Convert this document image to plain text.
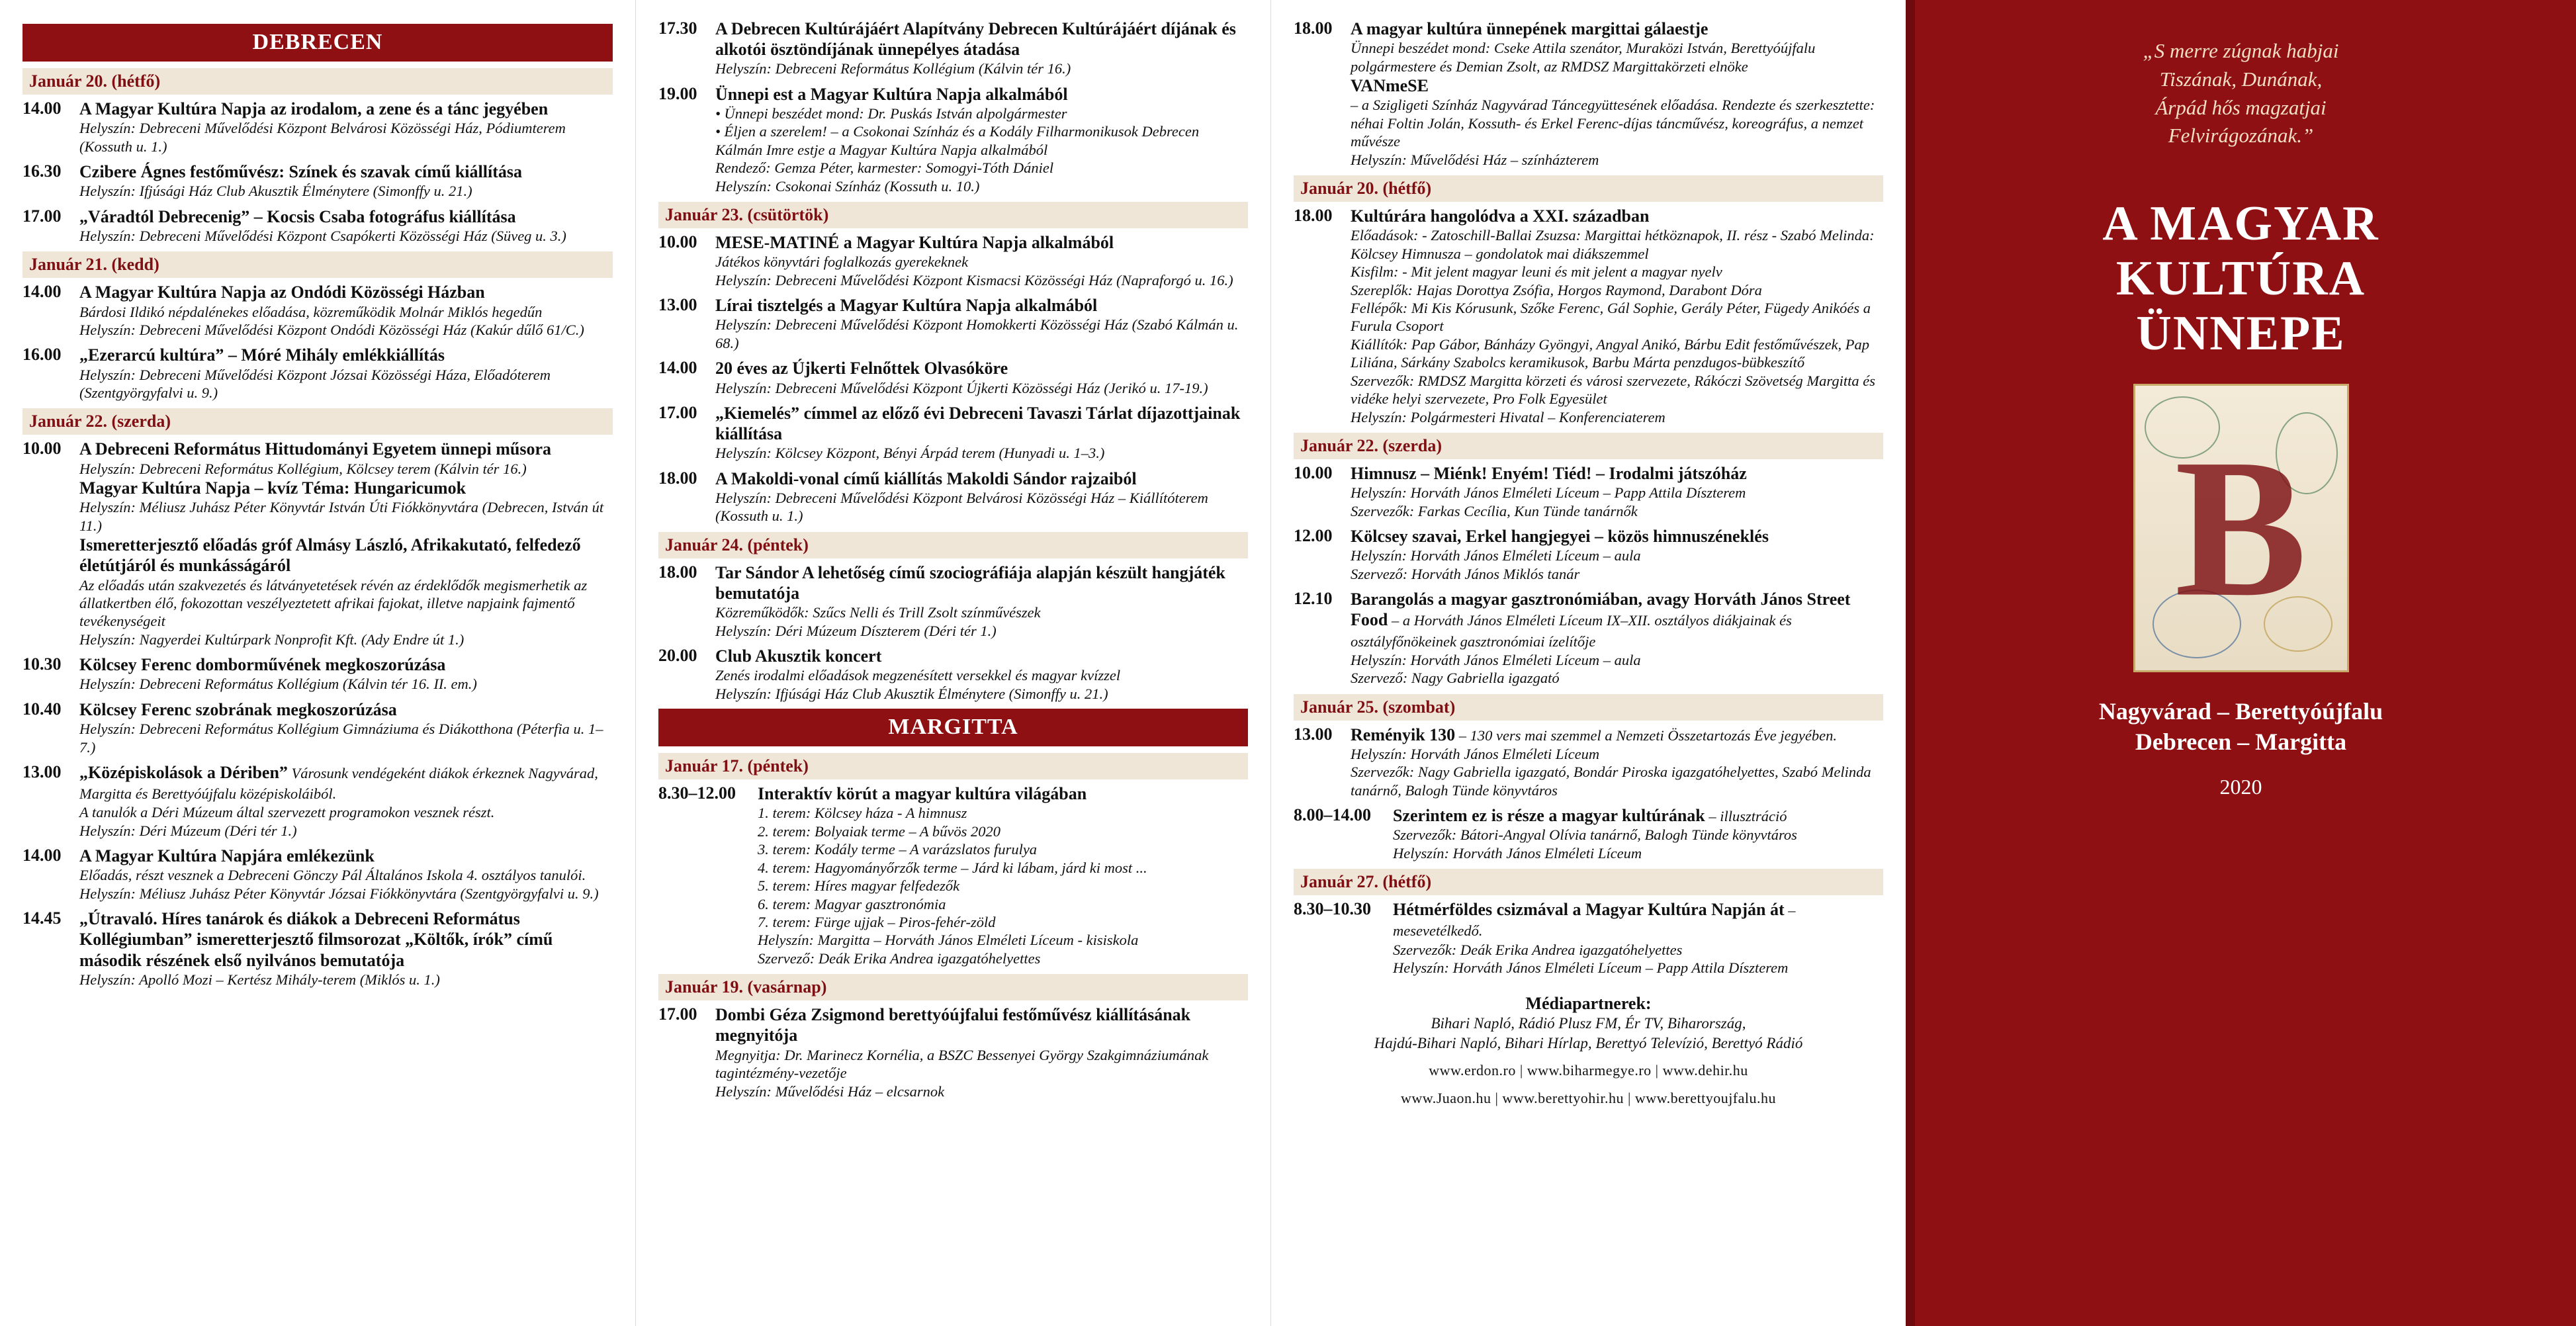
DEBRECEN
Január 20. (hétfő)
14.00	A Magyar Kultúra Napja az irodalom, a zene és a tánc jegyében
Helyszín: Debreceni Művelődési Központ Belvárosi Közösségi Ház, Pódiumterem (Kossuth u. 1.)
16.30	Czibere Ágnes festőművész: Színek és szavak című kiállítása
Helyszín: Ifjúsági Ház Club Akusztik Élménytere (Simonffy u. 21.)
17.00	„Váradtól Debrecenig” – Kocsis Csaba fotográfus kiállítása
Helyszín: Debreceni Művelődési Központ Csapókerti Közösségi Ház (Süveg u. 3.)
Január 21. (kedd)
14.00	A Magyar Kultúra Napja az Ondódi Közösségi Házban
Bárdosi Ildikó népdalénekes előadása, közreműködik Molnár Miklós hegedűn
Helyszín: Debreceni Művelődési Központ Ondódi Közösségi Ház (Kakúr dűlő 61/C.)
16.00	„Ezerarcú kultúra” – Móré Mihály emlékkiállítás
Helyszín: Debreceni Művelődési Központ Józsai Közösségi Háza, Előadóterem (Szentgyörgyfalvi u. 9.)
Január 22. (szerda)
10.00	A Debreceni Református Hittudományi Egyetem ünnepi műsora
Helyszín: Debreceni Református Kollégium, Kölcsey terem (Kálvin tér 16.)
Magyar Kultúra Napja – kvíz Téma: Hungaricumok
Helyszín: Méliusz Juhász Péter Könyvtár István Úti Fiókkönyvtára (Debrecen, István út 11.)
Ismeretterjesztő előadás gróf Almásy László, Afrikakutató, felfedező életútjáról és munkásságáról
Az előadás után szakvezetés és látványetetések révén az érdeklődők megismerhetik az állatkertben élő, fokozottan veszélyeztetett afrikai fajokat, illetve napjaink fajmentő tevékenységeit
Helyszín: Nagyerdei Kultúrpark Nonprofit Kft. (Ady Endre út 1.)
10.30	Kölcsey Ferenc domborművének megkoszorúzása
Helyszín: Debreceni Református Kollégium (Kálvin tér 16. II. em.)
10.40	Kölcsey Ferenc szobrának megkoszorúzása
Helyszín: Debreceni Református Kollégium Gimnáziuma és Diákotthona (Péterfia u. 1–7.)
13.00	„Középiskolások a Dériben” Városunk vendégeként diákok érkeznek Nagyvárad, Margitta és Berettyóújfalu középiskoláiból.
A tanulók a Déri Múzeum által szervezett programokon vesznek részt.
Helyszín: Déri Múzeum (Déri tér 1.)
14.00	A Magyar Kultúra Napjára emlékezünk
Előadás, részt vesznek a Debreceni Gönczy Pál Általános Iskola 4. osztályos tanulói. Helyszín: Méliusz Juhász Péter Könyvtár Józsai Fiókkönyvtára (Szentgyörgyfalvi u. 9.)
14.45	„Útravaló. Híres tanárok és diákok a Debreceni Református Kollégiumban” ismeretterjesztő filmsorozat „Költők, írók” című második részének első nyilvános bemutatója
Helyszín: Apolló Mozi – Kertész Mihály-terem (Miklós u. 1.)
17.30	A Debrecen Kultúrájáért Alapítvány Debrecen Kultúrájáért díjának és alkotói ösztöndíjának ünnepélyes átadása
Helyszín: Debreceni Református Kollégium (Kálvin tér 16.)
19.00	Ünnepi est a Magyar Kultúra Napja alkalmából
• Ünnepi beszédet mond: Dr. Puskás István alpolgármester
• Éljen a szerelem! – a Csokonai Színház és a Kodály Filharmonikusok Debrecen Kálmán Imre estje a Magyar Kultúra Napja alkalmából
Rendező: Gemza Péter, karmester: Somogyi-Tóth Dániel
Helyszín: Csokonai Színház (Kossuth u. 10.)
Január 23. (csütörtök)
10.00	MESE-MATINÉ a Magyar Kultúra Napja alkalmából
Játékos könyvtári foglalkozás gyerekeknek
Helyszín: Debreceni Művelődési Központ Kismacsi Közösségi Ház (Napraforgó u. 16.)
13.00	Lírai tisztelgés a Magyar Kultúra Napja alkalmából
Helyszín: Debreceni Művelődési Központ Homokkerti Közösségi Ház (Szabó Kálmán u. 68.)
14.00	20 éves az Újkerti Felnőttek Olvasóköre
Helyszín: Debreceni Művelődési Központ Újkerti Közösségi Ház (Jerikó u. 17-19.)
17.00	„Kiemelés” címmel az előző évi Debreceni Tavaszi Tárlat díjazottjainak kiállítása
Helyszín: Kölcsey Központ, Bényi Árpád terem (Hunyadi u. 1–3.)
18.00	A Makoldi-vonal című kiállítás Makoldi Sándor rajzaiból
Helyszín: Debreceni Művelődési Központ Belvárosi Közösségi Ház – Kiállítóterem (Kossuth u. 1.)
Január 24. (péntek)
18.00	Tar Sándor A lehetőség című szociográfiája alapján készült hangjáték bemutatója
Közreműködők: Szűcs Nelli és Trill Zsolt színművészek
Helyszín: Déri Múzeum Díszterem (Déri tér 1.)
20.00	Club Akusztik koncert
Zenés irodalmi előadások megzenésített versekkel és magyar kvízzel
Helyszín: Ifjúsági Ház Club Akusztik Élménytere (Simonffy u. 21.)
MARGITTA
Január 17. (péntek)
8.30–12.00	Interaktív körút a magyar kultúra világában
1. terem: Kölcsey háza - A himnusz
2. terem: Bolyaiak terme – A bűvös 2020
3. terem: Kodály terme – A varázslatos furulya
4. terem: Hagyományőrzők terme – Járd ki lábam, járd ki most ...
5. terem: Híres magyar felfedezők
6. terem: Magyar gasztronómia
7. terem: Fürge ujjak – Piros-fehér-zöld
Helyszín: Margitta – Horváth János Elméleti Líceum - kisiskola
Szervező: Deák Erika Andrea igazgatóhelyettes
Január 19. (vasárnap)
17.00	Dombi Géza Zsigmond berettyóújfalui festőművész kiállításának megnyitója
Megnyitja: Dr. Marinecz Kornélia, a BSZC Bessenyei György Szakgimnáziumának tagintézmény-vezetője
Helyszín: Művelődési Ház – elcsarnok
18.00	A magyar kultúra ünnepének margittai gálaestje
Ünnepi beszédet mond: Cseke Attila szenátor, Muraközi István, Berettyóújfalu polgármestere és Demian Zsolt, az RMDSZ Margittakörzeti elnöke
VANmeSE
– a Szigligeti Színház Nagyvárad Táncegyüttesének előadása. Rendezte és szerkesztette: néhai Foltin Jolán, Kossuth- és Erkel Ferenc-díjas táncművész, koreográfus, a nemzet művésze
Helyszín: Művelődési Ház – színházterem
Január 20. (hétfő)
18.00	Kultúrára hangolódva a XXI. században
Előadások: - Zatoschill-Ballai Zsuzsa: Margittai hétköznapok, II. rész - Szabó Melinda: Kölcsey Himnusza – gondolatok mai diákszemmel
Kisfilm: - Mit jelent magyar leuni és mit jelent a magyar nyelv
Szereplők: Hajas Dorottya Zsófia, Horgos Raymond, Darabont Dóra
Fellépők: Mi Kis Kórusunk, Szőke Ferenc, Gál Sophie, Gerály Péter, Fügedy Anikóés a Furula Csoport
Kiállítók: Pap Gábor, Bánházy Gyöngyi, Angyal Anikó, Bárbu Edit festőművészek, Pap Liliána, Sárkány Szabolcs keramikusok, Barbu Márta penzdugos-bübkeszítő
Szervezők: RMDSZ Margitta körzeti és városi szervezete, Rákóczi Szövetség Margitta és vidéke helyi szervezete, Pro Folk Egyesület
Helyszín: Polgármesteri Hivatal – Konferenciaterem
Január 22. (szerda)
10.00	Himnusz – Miénk! Enyém! Tiéd! – Irodalmi játszóház
Helyszín: Horváth János Elméleti Líceum – Papp Attila Díszterem
Szervezők: Farkas Cecília, Kun Tünde tanárnők
12.00	Kölcsey szavai, Erkel hangjegyei – közös himnuszéneklés
Helyszín: Horváth János Elméleti Líceum – aula
Szervező: Horváth János Miklós tanár
12.10	Barangolás a magyar gasztronómiában, avagy Horváth János Street Food – a Horváth János Elméleti Líceum IX–XII. osztályos diákjainak és osztályfőnökeinek gasztronómiai ízelítője
Helyszín: Horváth János Elméleti Líceum – aula
Szervező: Nagy Gabriella igazgató
Január 25. (szombat)
13.00	Reményik 130 – 130 vers mai szemmel a Nemzeti Összetartozás Éve jegyében.
Helyszín: Horváth János Elméleti Líceum
Szervezők: Nagy Gabriella igazgató, Bondár Piroska igazgatóhelyettes, Szabó Melinda tanárnő, Balogh Tünde könyvtáros
8.00–14.00	Szerintem ez is része a magyar kultúrának – illusztráció
Szervezők: Bátori-Angyal Olívia tanárnő, Balogh Tünde könyvtáros
Helyszín: Horváth János Elméleti Líceum
Január 27. (hétfő)
8.30–10.30	Hétmérföldes csizmával a Magyar Kultúra Napján át – mesevetélkedő.
Szervezők: Deák Erika Andrea igazgatóhelyettes
Helyszín: Horváth János Elméleti Líceum – Papp Attila Díszterem
Médiapartnerek:
Bihari Napló, Rádió Plusz FM, Ér TV, Biharország,
Hajdú-Bihari Napló, Bihari Hírlap, Berettyó Televízió, Berettyó Rádió
www.erdon.ro | www.biharmegye.ro | www.dehir.hu
www.Juaon.hu | www.berettyohir.hu | www.berettyoujfalu.hu
„S merre zúgnak habjai
Tiszának, Dunának,
Árpád hős magzatjai
Felvirágozának.”
A MAGYAR
KULTÚRA
ÜNNEPE
B
Nagyvárad – Berettyóújfalu
Debrecen – Margitta
2020
